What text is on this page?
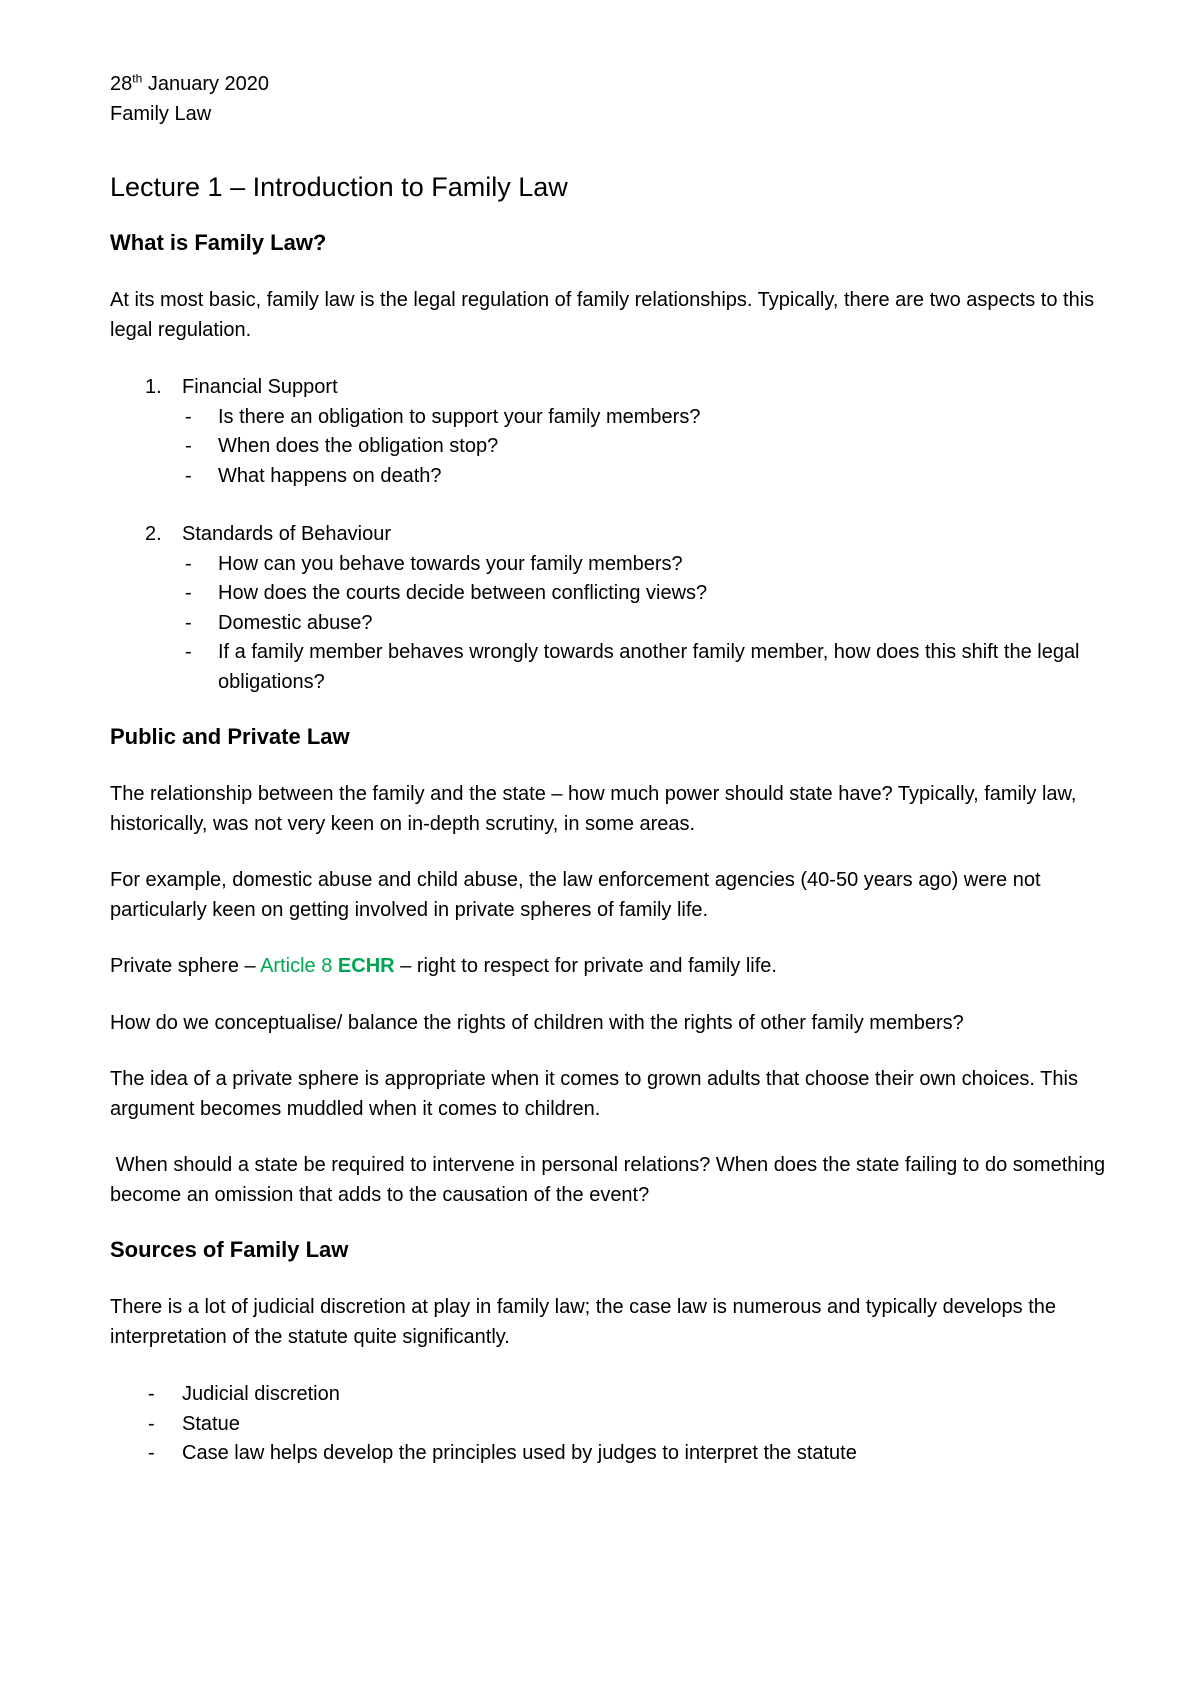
28th January 2020
Family Law
Lecture 1 – Introduction to Family Law
What is Family Law?

At its most basic, family law is the legal regulation of family relationships. Typically, there are two aspects to this legal regulation.

1. Financial Support
- Is there an obligation to support your family members?
- When does the obligation stop?
- What happens on death?
2. Standards of Behaviour
- How can you behave towards your family members?
- How does the courts decide between conflicting views?
- Domestic abuse?
- If a family member behaves wrongly towards another family member, how does this shift the legal obligations?
Public and Private Law

The relationship between the family and the state – how much power should state have? Typically, family law, historically, was not very keen on in-depth scrutiny, in some areas.

For example, domestic abuse and child abuse, the law enforcement agencies (40-50 years ago) were not particularly keen on getting involved in private spheres of family life.

Private sphere – Article 8 ECHR – right to respect for private and family life.

How do we conceptualise/ balance the rights of children with the rights of other family members?

The idea of a private sphere is appropriate when it comes to grown adults that choose their own choices. This argument becomes muddled when it comes to children.

When should a state be required to intervene in personal relations? When does the state failing to do something become an omission that adds to the causation of the event?

Sources of Family Law

There is a lot of judicial discretion at play in family law; the case law is numerous and typically develops the interpretation of the statute quite significantly.

- Judicial discretion
- Statue
- Case law helps develop the principles used by judges to interpret the statute
